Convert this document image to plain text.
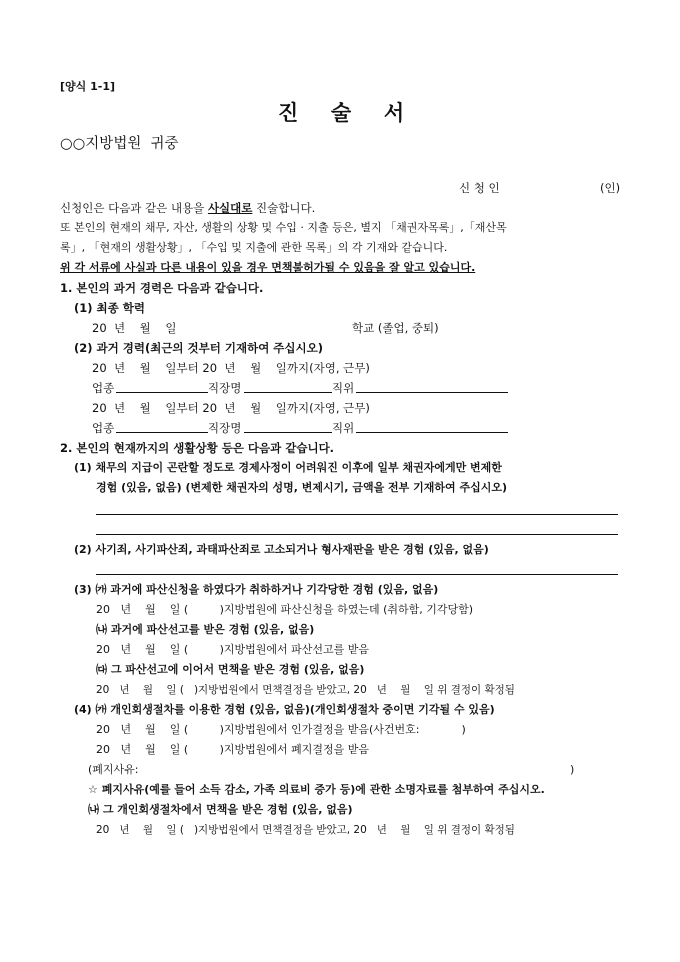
[양식 1-1]
진  술  서
○○지방법원  귀중
신 청 인	(인)
신청인은 다음과 같은 내용을 사실대로 진술합니다.
또 본인의 현재의 채무, 자산, 생활의 상황 및 수입 · 지출 등은, 별지 「채권자목록」,「재산목
록」, 「현재의 생활상황」, 「수입 및 지출에 관한 목록」의 각 기재와 같습니다.
위 각 서류에 사실과 다른 내용이 있을 경우 면책불허가될 수 있음을 잘 알고 있습니다.
1. 본인의 과거 경력은 다음과 같습니다.
(1) 최종 학력
20  년    월    일	학교 (졸업, 중퇴)
(2) 과거 경력(최근의 것부터 기재하여 주십시오)
20  년    월    일부터 20  년    월    일까지(자영, 근무)
업종	직장명	직위
20  년    월    일부터 20  년    월    일까지(자영, 근무)
업종	직장명	직위
2. 본인의 현재까지의 생활상황 등은 다음과 같습니다.
(1) 채무의 지급이 곤란할 정도로 경제사정이 어려워진 이후에 일부 채권자에게만 변제한
경험 (있음, 없음) (변제한 채권자의 성명, 변제시기, 금액을 전부 기재하여 주십시오)
(2) 사기죄, 사기파산죄, 과태파산죄로 고소되거나 형사재판을 받은 경험 (있음, 없음)
(3) ㈎ 과거에 파산신청을 하였다가 취하하거나 기각당한 경험 (있음, 없음)
20   년    월    일 (         )지방법원에 파산신청을 하였는데 (취하함, 기각당함)
㈏ 과거에 파산선고를 받은 경험 (있음, 없음)
20   년    월    일 (         )지방법원에서 파산선고를 받음
㈐ 그 파산선고에 이어서 면책을 받은 경험 (있음, 없음)
20   년    월    일 (   )지방법원에서 면책결정을 받았고, 20   년    월    일 위 결정이 확정됨
(4) ㈎ 개인회생절차를 이용한 경험 (있음, 없음)(개인회생절차 중이면 기각될 수 있음)
20   년    월    일 (         )지방법원에서 인가결정을 받음(사건번호:            )
20   년    월    일 (         )지방법원에서 폐지결정을 받음
(폐지사유:	)
☆ 폐지사유(예를 들어 소득 감소, 가족 의료비 증가 등)에 관한 소명자료를 첨부하여 주십시오.
㈏ 그 개인회생절차에서 면책을 받은 경험 (있음, 없음)
20   년    월    일 (   )지방법원에서 면책결정을 받았고, 20   년    월    일 위 결정이 확정됨
